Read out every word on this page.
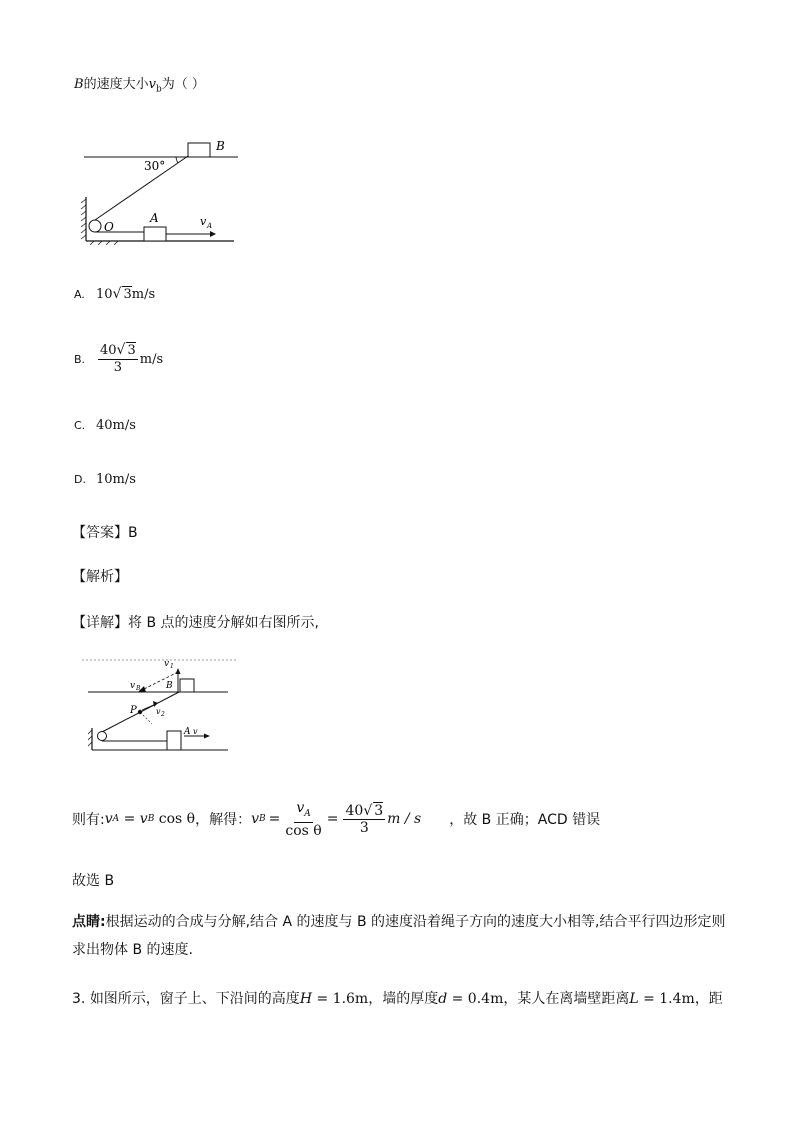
B的速度大小$v_b$为（ ）
30°
B
O
A	v A
A. 10 √ 3 m/s
B. $\frac{40√ 3}{3} m/s$
C. 40m/s
D. 10m/s
【答案】B
【解析】
【详解】将 B 点的速度分解如右图所示,
v 1
v B	B
P v 2
A v
则有: v A = v B cos θ ，解得： v $B = \frac{v_A}{\text{cos θ}} = \frac{40√ 3}{3}$ m / s ，故 B 正确；ACD 错误
故选 B
点睛:根据运动的合成与分解,结合 A 的速度与 B 的速度沿着绳子方向的速度大小相等,结合平行四边形定则求出物体 B 的速度.
3. 如图所示，窗子上、下沿间的高度H = 1.6m，墙的厚度d = 0.4m，某人在离墙壁距离L = 1.4m，距
